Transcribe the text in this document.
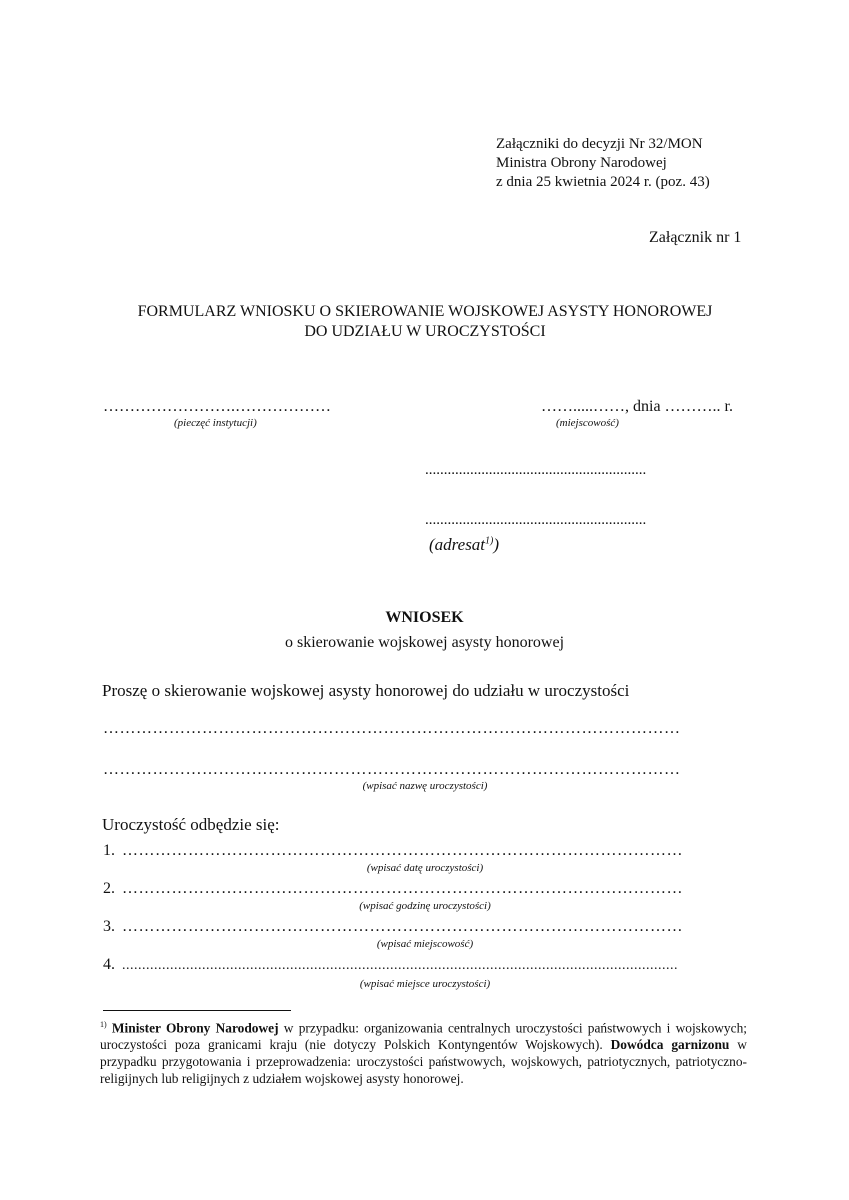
Załączniki do decyzji Nr 32/MON
Ministra Obrony Narodowej
z dnia 25 kwietnia 2024 r. (poz. 43)
Załącznik nr 1
FORMULARZ WNIOSKU O SKIEROWANIE WOJSKOWEJ ASYSTY HONOROWEJ
DO UDZIAŁU W UROCZYSTOŚCI
…………………….………………
(pieczęć instytucji)
…….....……, dnia ……….. r.
(miejscowość)
...........................................................
...........................................................
(adresat$^{1)}$)
WNIOSEK
o skierowanie wojskowej asysty honorowej
Proszę o skierowanie wojskowej asysty honorowej do udziału w uroczystości
……………………………………………………………………………………………
……………………………………………………………………………………………
(wpisać nazwę uroczystości)
Uroczystość odbędzie się:
1. …………………………………………………………………………………………
(wpisać datę uroczystości)
2. …………………………………………………………………………………………
(wpisać godzinę uroczystości)
3. …………………………………………………………………………………………
(wpisać miejscowość)
4. ...........................................................................................................................................
(wpisać miejsce uroczystości)
$^{1)}$ Minister Obrony Narodowej w przypadku: organizowania centralnych uroczystości państwowych i wojskowych; uroczystości poza granicami kraju (nie dotyczy Polskich Kontyngentów Wojskowych). Dowódca garnizonu w przypadku przygotowania i przeprowadzenia: uroczystości państwowych, wojskowych, patriotycznych, patriotyczno-religijnych lub religijnych z udziałem wojskowej asysty honorowej.
